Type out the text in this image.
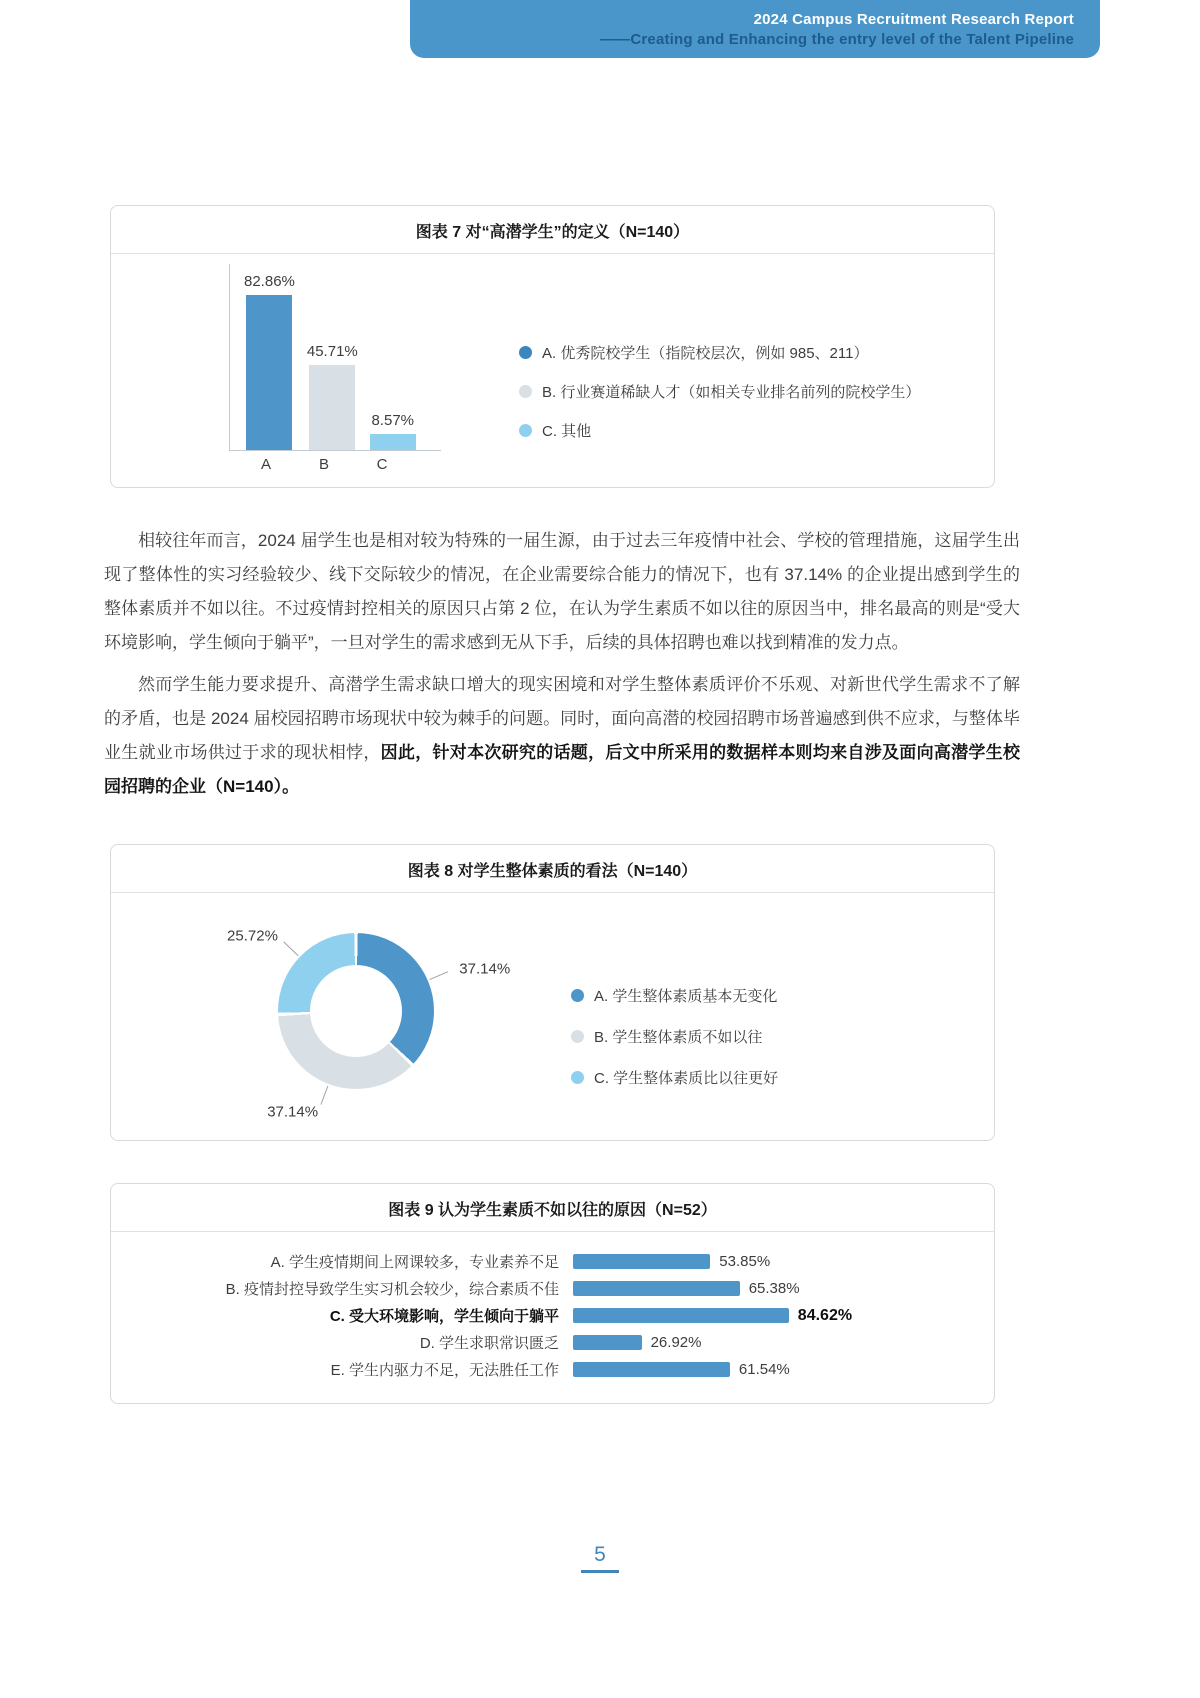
2024 Campus Recruitment Research Report
——Creating and Enhancing the entry level of the Talent Pipeline
图表 7 对“高潜学生”的定义（N=140）
82.86%
45.71%
8.57%
A	B	C
A. 优秀院校学生（指院校层次，例如 985、211）
B. 行业赛道稀缺人才（如相关专业排名前列的院校学生）
C. 其他

相较往年而言，2024 届学生也是相对较为特殊的一届生源，由于过去三年疫情中社会、学校的管理措施，这届学生出现了整体性的实习经验较少、线下交际较少的情况，在企业需要综合能力的情况下，也有 37.14% 的企业提出感到学生的整体素质并不如以往。不过疫情封控相关的原因只占第 2 位，在认为学生素质不如以往的原因当中，排名最高的则是“受大环境影响，学生倾向于躺平”，一旦对学生的需求感到无从下手，后续的具体招聘也难以找到精准的发力点。

然而学生能力要求提升、高潜学生需求缺口增大的现实困境和对学生整体素质评价不乐观、对新世代学生需求不了解的矛盾，也是 2024 届校园招聘市场现状中较为棘手的问题。同时，面向高潜的校园招聘市场普遍感到供不应求，与整体毕业生就业市场供过于求的现状相悖，因此，针对本次研究的话题，后文中所采用的数据样本则均来自涉及面向高潜学生校园招聘的企业（N=140）。

图表 8 对学生整体素质的看法（N=140）
37.14%
37.14%
25.72%
A. 学生整体素质基本无变化
B. 学生整体素质不如以往
C. 学生整体素质比以往更好
图表 9 认为学生素质不如以往的原因（N=52）
A. 学生疫情期间上网课较多，专业素养不足	53.85%
B. 疫情封控导致学生实习机会较少，综合素质不佳	65.38%
C. 受大环境影响，学生倾向于躺平	84.62%
D. 学生求职常识匮乏	26.92%
E. 学生内驱力不足，无法胜任工作	61.54%
5
